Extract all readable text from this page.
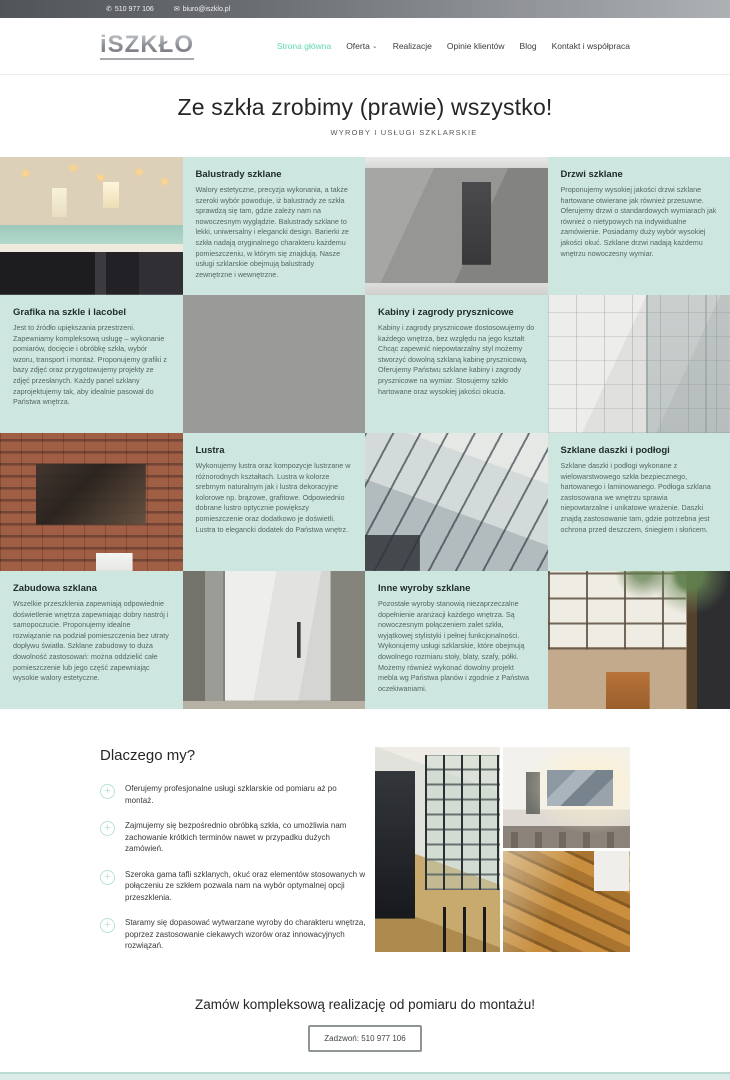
✆ 510 977 106	✉ biuro@iszklo.pl
iSZKŁO	Strona główna Oferta ⌄ Realizacje Opinie klientów Blog Kontakt i współpraca
Ze szkła zrobimy (prawie) wszystko!
WYROBY I USŁUGI SZKLARSKIE
Balustrady szklane

Walory estetyczne, precyzja wykonania, a także szeroki wybór powoduje, iż balustrady ze szkła sprawdzą się tam, gdzie zależy nam na nowoczesnym wyglądzie. Balustrady szklane to lekki, uniwersalny i elegancki design. Barierki ze szkła nadają oryginalnego charakteru każdemu pomieszczeniu, w którym się znajdują. Nasze usługi szklarskie obejmują balustrady zewnętrzne i wewnętrzne.

Drzwi szklane

Proponujemy wysokiej jakości drzwi szklane hartowane otwierane jak również przesuwne. Oferujemy drzwi o standardowych wymiarach jak również o nietypowych na indywidualne zamówienie. Posiadamy duży wybór wysokiej jakości okuć. Szklane drzwi nadają każdemu wnętrzu nowoczesny wymiar.

Grafika na szkle i lacobel

Jest to źródło upiększania przestrzeni. Zapewniamy kompleksową usługę – wykonanie pomiarów, docięcie i obróbkę szkła, wybór wzoru, transport i montaż. Proponujemy grafiki z bazy zdjęć oraz przygotowujemy projekty ze zdjęć przesłanych. Każdy panel szklany zaprojektujemy tak, aby idealnie pasował do Państwa wnętrza.

Kabiny i zagrody prysznicowe

Kabiny i zagrody prysznicowe dostosowujemy do każdego wnętrza, bez względu na jego kształt Chcąc zapewnić niepowtarzalny styl możemy stworzyć dowolną szklaną kabinę prysznicową. Oferujemy Państwu szklane kabiny i zagrody prysznicowe na wymiar. Stosujemy szkło hartowane oraz wysokiej jakości okucia.

Lustra

Wykonujemy lustra oraz kompozycje lustrzane w różnorodnych kształtach. Lustra w kolorze srebrnym naturalnym jak i lustra dekoracyjne kolorowe np. brązowe, grafitowe. Odpowiednio dobrane lustro optycznie powiększy pomieszczenie oraz dodatkowo je doświetli. Lustra to elegancki dodatek do Państwa wnętrz.

Szklane daszki i podłogi

Szklane daszki i podłogi wykonane z wielowarstwowego szkła bezpiecznego, hartowanego i laminowanego. Podłoga szklana zastosowana we wnętrzu sprawia niepowtarzalne i unikatowe wrażenie. Daszki znajdą zastosowanie tam, gdzie potrzebna jest ochrona przed deszczem, śniegiem i słońcem.

Zabudowa szklana

Wszelkie przeszklenia zapewniają odpowiednie doświetlenie wnętrza zapewniając dobry nastrój i samopoczucie. Proponujemy idealne rozwiązanie na podział pomieszczenia bez utraty dopływu światła. Szklane zabudowy to duża dowolność zastosowań: można oddzielić całe pomieszczenie lub jego część zapewniając wysokie walory estetyczne.

Inne wyroby szklane

Pozostałe wyroby stanowią niezaprzeczalne dopełnienie aranżacji każdego wnętrza. Są nowoczesnym połączeniem zalet szkła, wyjątkowej stylistyki i pełnej funkcjonalności. Wykonujemy usługi szklarskie, które obejmują dowolnego rozmiaru stoły, blaty, szafy, półki. Możemy również wykonać dowolny projekt mebla wg Państwa planów i zgodnie z Państwa oczekiwaniami.

Dlaczego my?
+	Oferujemy profesjonalne usługi szklarskie od pomiaru aż po montaż.

+	Zajmujemy się bezpośrednio obróbką szkła, co umożliwia nam zachowanie krótkich terminów nawet w przypadku dużych zamówień.

+	Szeroka gama tafli szklanych, okuć oraz elementów stosowanych w połączeniu ze szkłem pozwala nam na wybór optymalnej opcji przeszklenia.

+	Staramy się dopasować wytwarzane wyroby do charakteru wnętrza, poprzez zastosowanie ciekawych wzorów oraz innowacyjnych rozwiązań.

Zamów kompleksową realizację od pomiaru do montażu!
Zadzwoń: 510 977 106
